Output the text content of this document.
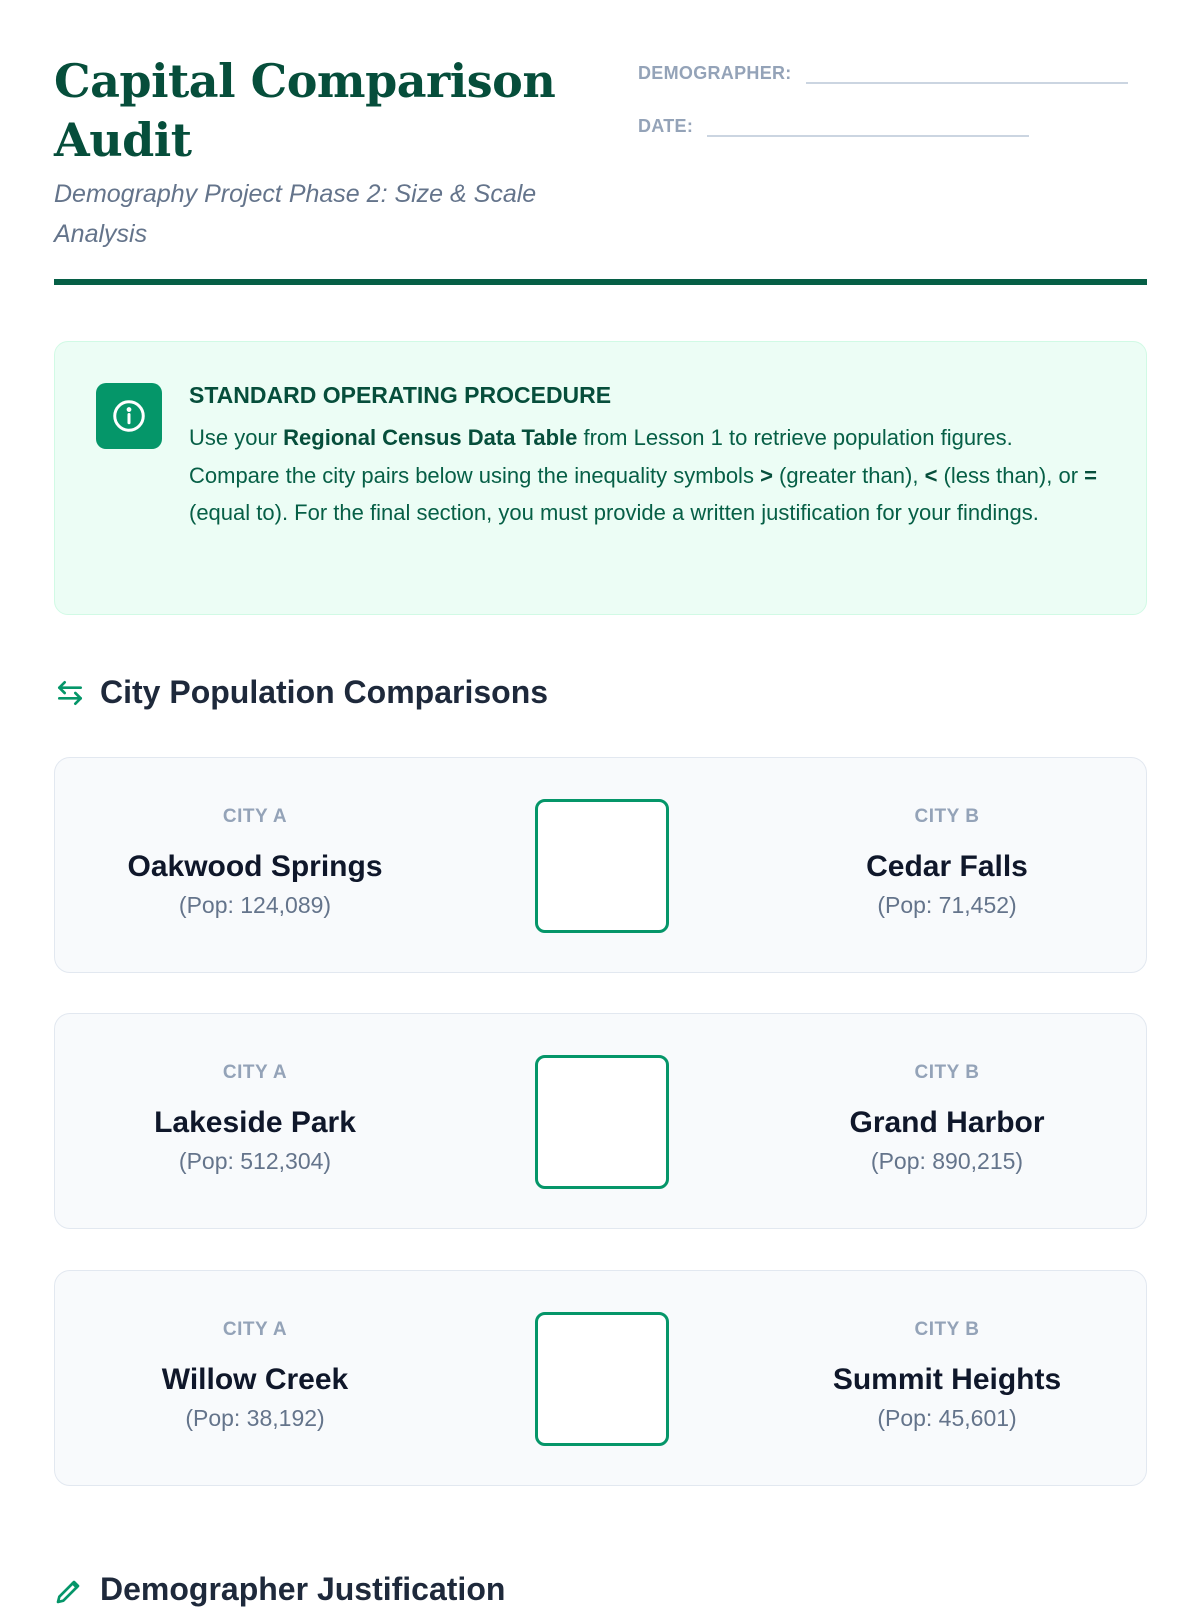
Capital Comparison Audit
Demography Project Phase 2: Size & Scale Analysis
DEMOGRAPHER:
DATE:
STANDARD OPERATING PROCEDURE
Use your Regional Census Data Table from Lesson 1 to retrieve population figures. Compare the city pairs below using the inequality symbols > (greater than), < (less than), or = (equal to). For the final section, you must provide a written justification for your findings.
City Population Comparisons
CITY A
Oakwood Springs
(Pop: 124,089)
CITY B
Cedar Falls
(Pop: 71,452)
CITY A
Lakeside Park
(Pop: 512,304)
CITY B
Grand Harbor
(Pop: 890,215)
CITY A
Willow Creek
(Pop: 38,192)
CITY B
Summit Heights
(Pop: 45,601)
Demographer Justification
